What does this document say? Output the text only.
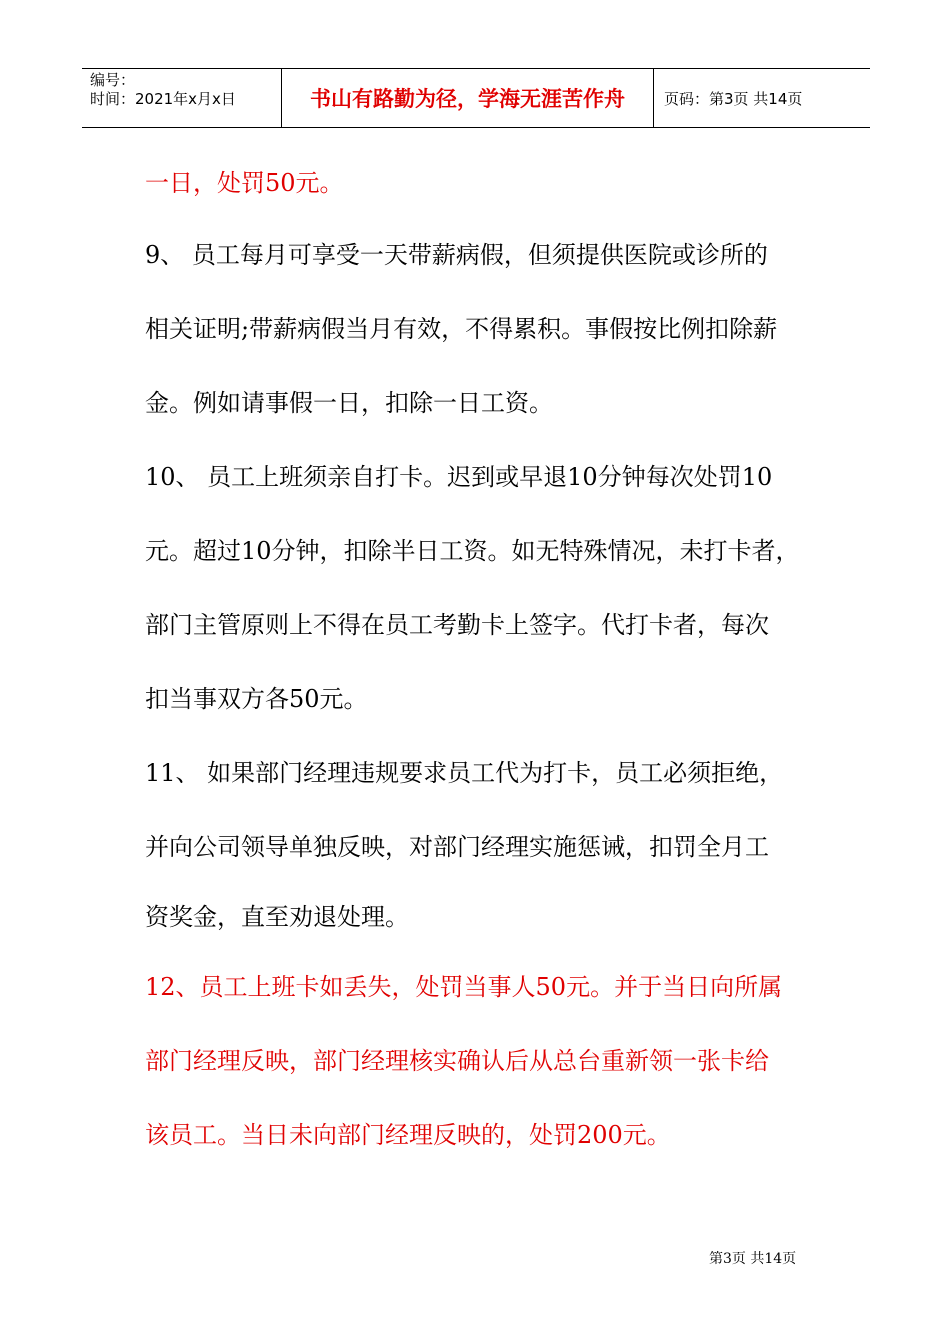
编号：
时间：2021年x月x日	书山有路勤为径，学海无涯苦作舟	页码：第3页 共14页
一日，处罚50元。
9、 员工每月可享受一天带薪病假，但须提供医院或诊所的
相关证明;带薪病假当月有效，不得累积。事假按比例扣除薪
金。例如请事假一日，扣除一日工资。
10、 员工上班须亲自打卡。迟到或早退10分钟每次处罚10
元。超过10分钟，扣除半日工资。如无特殊情况，未打卡者，
部门主管原则上不得在员工考勤卡上签字。代打卡者，每次
扣当事双方各50元。
11、 如果部门经理违规要求员工代为打卡，员工必须拒绝，
并向公司领导单独反映，对部门经理实施惩诫，扣罚全月工
资奖金，直至劝退处理。
12、员工上班卡如丢失，处罚当事人50元。并于当日向所属
部门经理反映，部门经理核实确认后从总台重新领一张卡给
该员工。当日未向部门经理反映的，处罚200元。
第3页 共14页
